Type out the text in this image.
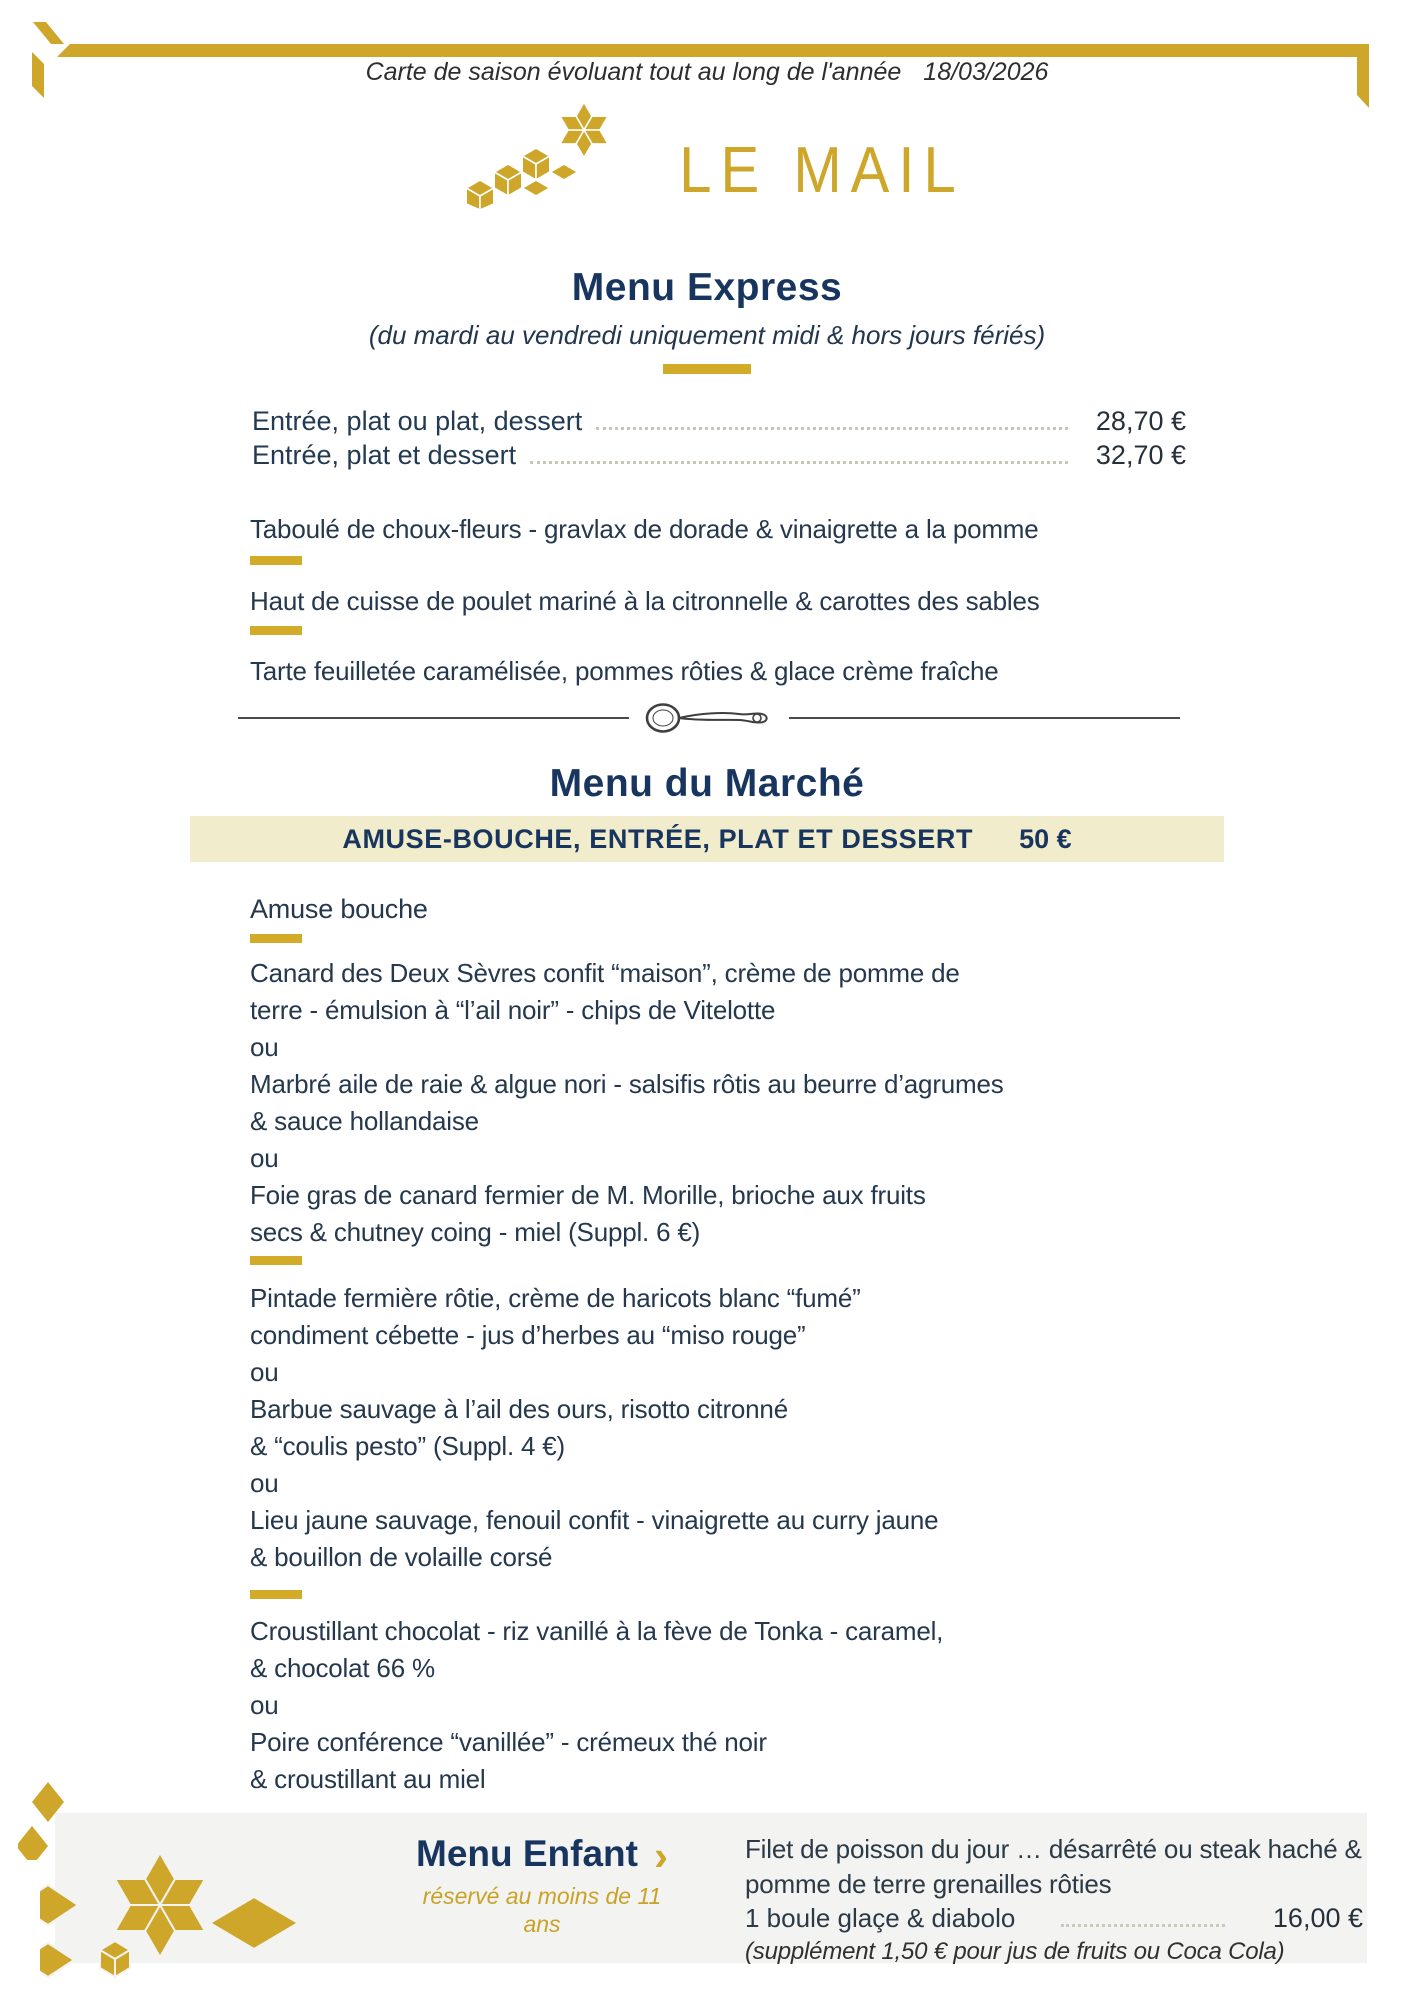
Carte de saison évoluant tout au long de l'année 18/03/2026
LE MAIL
Menu Express
(du mardi au vendredi uniquement midi & hors jours fériés)
Entrée, plat ou plat, dessert	28,70 €
Entrée, plat et dessert	32,70 €
Taboulé de choux-fleurs - gravlax de dorade & vinaigrette a la pomme
Haut de cuisse de poulet mariné à la citronnelle & carottes des sables
Tarte feuilletée caramélisée, pommes rôties & glace crème fraîche
Menu du Marché
AMUSE-BOUCHE, ENTRÉE, PLAT ET DESSERT 50 €
Amuse bouche
Canard des Deux Sèvres confit “maison”, crème de pomme de
terre - émulsion à “l’ail noir” - chips de Vitelotte
ou
Marbré aile de raie & algue nori - salsifis rôtis au beurre d’agrumes
& sauce hollandaise
ou
Foie gras de canard fermier de M. Morille, brioche aux fruits
secs & chutney coing - miel (Suppl. 6 €)
Pintade fermière rôtie, crème de haricots blanc “fumé”
condiment cébette - jus d’herbes au “miso rouge”
ou
Barbue sauvage à l’ail des ours, risotto citronné
& “coulis pesto” (Suppl. 4 €)
ou
Lieu jaune sauvage, fenouil confit - vinaigrette au curry jaune
& bouillon de volaille corsé
Croustillant chocolat - riz vanillé à la fève de Tonka - caramel,
& chocolat 66 %
ou
Poire conférence “vanillée” - crémeux thé noir
& croustillant au miel
Menu Enfant ›
réservé au moins de 11 ans
Filet de poisson du jour … désarrêté ou steak haché &
pomme de terre grenailles rôties
1 boule glaçe & diabolo	16,00 €
(supplément 1,50 € pour jus de fruits ou Coca Cola)
